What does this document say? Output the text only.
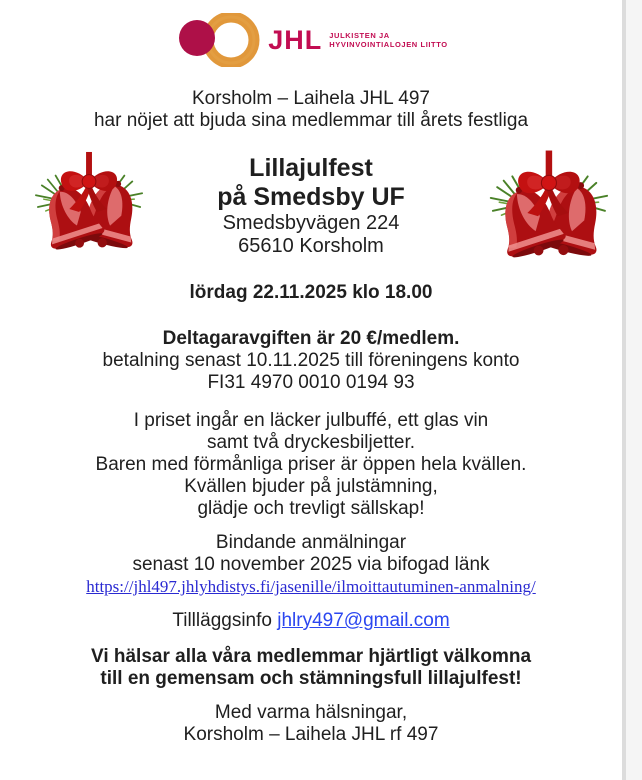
JHL JULKISTEN JA
HYVINVOINTIALOJEN LIITTO
Korsholm – Laihela JHL 497
har nöjet att bjuda sina medlemmar till årets festliga
Lillajulfest
på Smedsby UF
Smedsbyvägen 224
65610 Korsholm
lördag 22.11.2025 klo 18.00
Deltagaravgiften är 20 €/medlem.
betalning senast 10.11.2025 till föreningens konto
FI31 4970 0010 0194 93
I priset ingår en läcker julbuffé, ett glas vin
samt två dryckesbiljetter.
Baren med förmånliga priser är öppen hela kvällen.
Kvällen bjuder på julstämning,
glädje och trevligt sällskap!
Bindande anmälningar
senast 10 november 2025 via bifogad länk
https://jhl497.jhlyhdistys.fi/jasenille/ilmoittautuminen-anmalning/
Tillläggsinfo jhlry497@gmail.com
Vi hälsar alla våra medlemmar hjärtligt välkomna
till en gemensam och stämningsfull lillajulfest!
Med varma hälsningar,
Korsholm – Laihela JHL rf 497
